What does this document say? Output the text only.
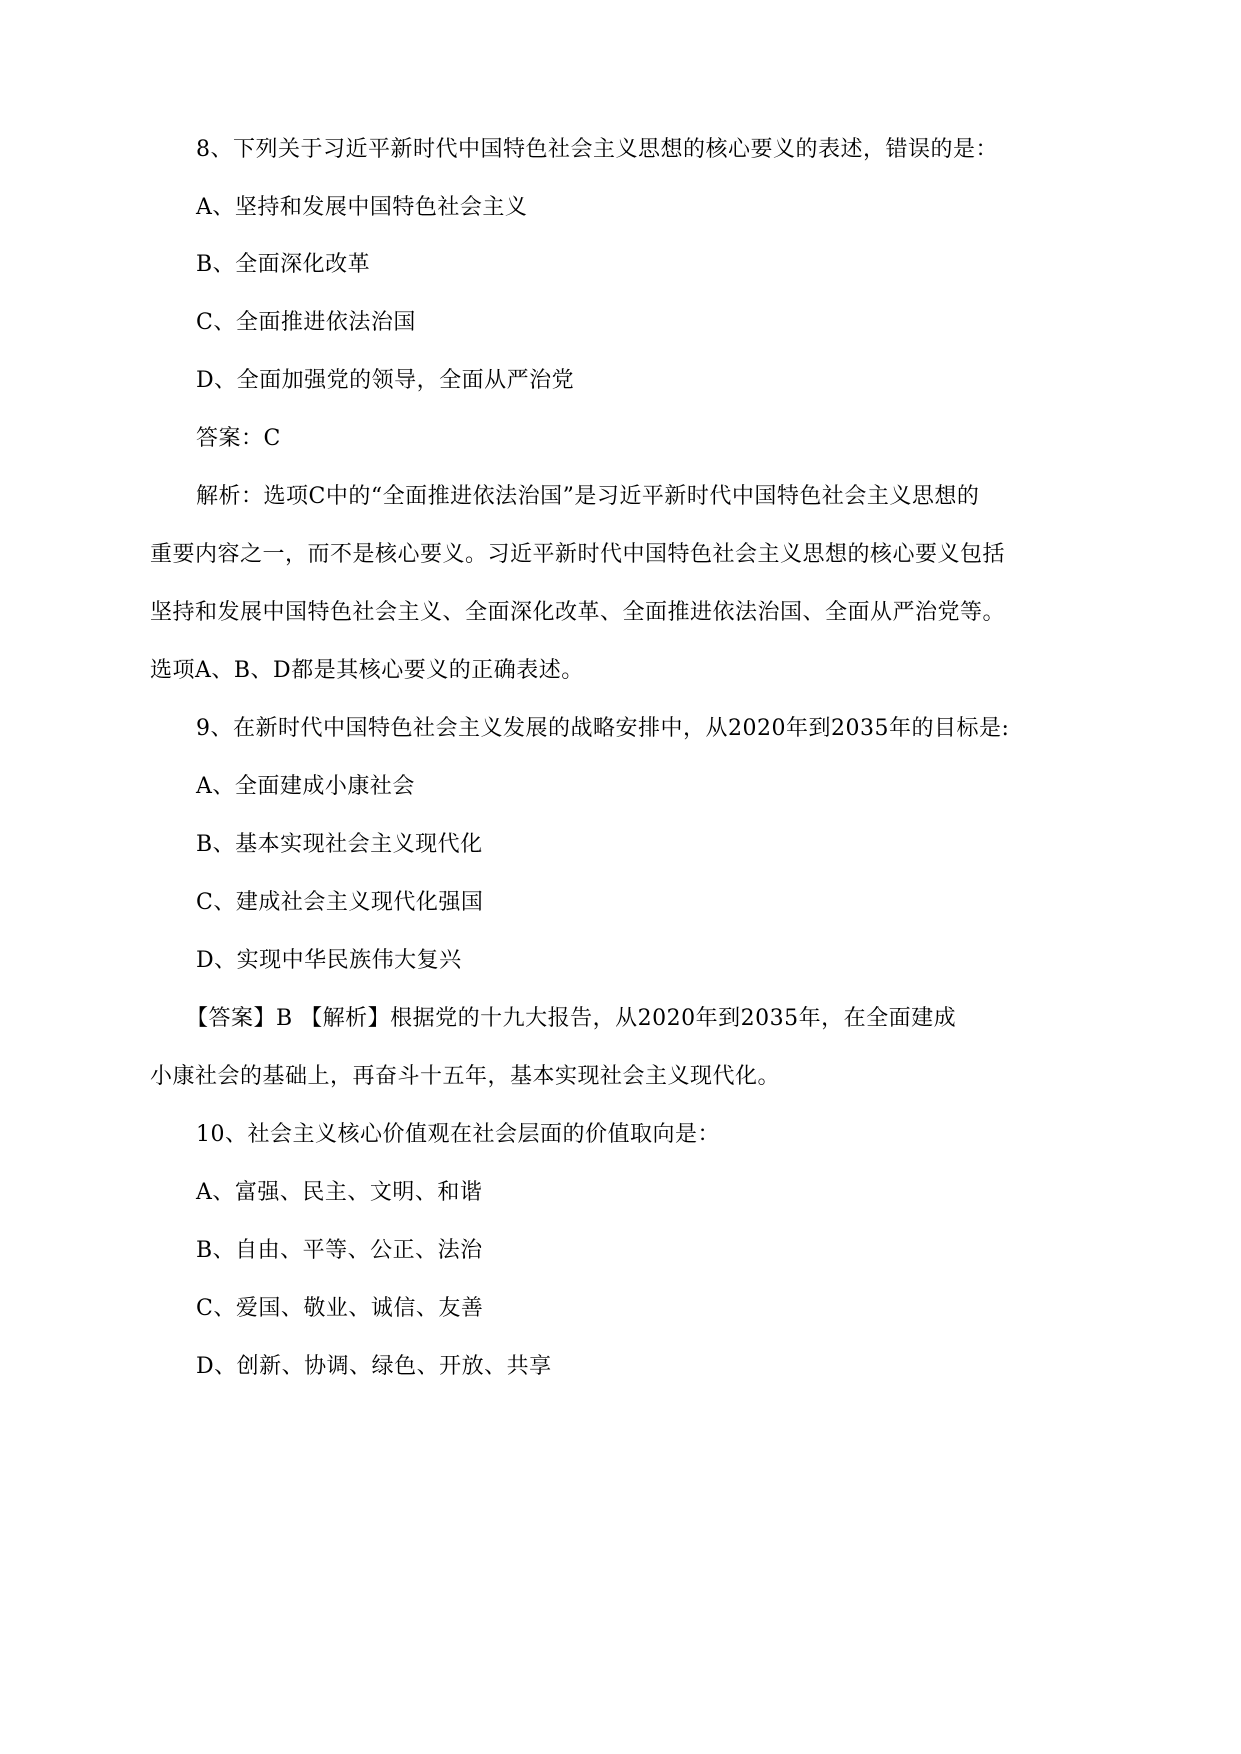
8、下列关于习近平新时代中国特色社会主义思想的核心要义的表述，错误的是：
A、坚持和发展中国特色社会主义
B、全面深化改革
C、全面推进依法治国
D、全面加强党的领导，全面从严治党
答案：C
解析：选项C中的“全面推进依法治国”是习近平新时代中国特色社会主义思想的
重要内容之一，而不是核心要义。习近平新时代中国特色社会主义思想的核心要义包括
坚持和发展中国特色社会主义、全面深化改革、全面推进依法治国、全面从严治党等。
选项A、B、D都是其核心要义的正确表述。
9、在新时代中国特色社会主义发展的战略安排中，从2020年到2035年的目标是:
A、全面建成小康社会
B、基本实现社会主义现代化
C、建成社会主义现代化强国
D、实现中华民族伟大复兴
【答案】B 【解析】根据党的十九大报告，从2020年到2035年，在全面建成
小康社会的基础上，再奋斗十五年，基本实现社会主义现代化。
10、社会主义核心价值观在社会层面的价值取向是：
A、富强、民主、文明、和谐
B、自由、平等、公正、法治
C、爱国、敬业、诚信、友善
D、创新、协调、绿色、开放、共享
